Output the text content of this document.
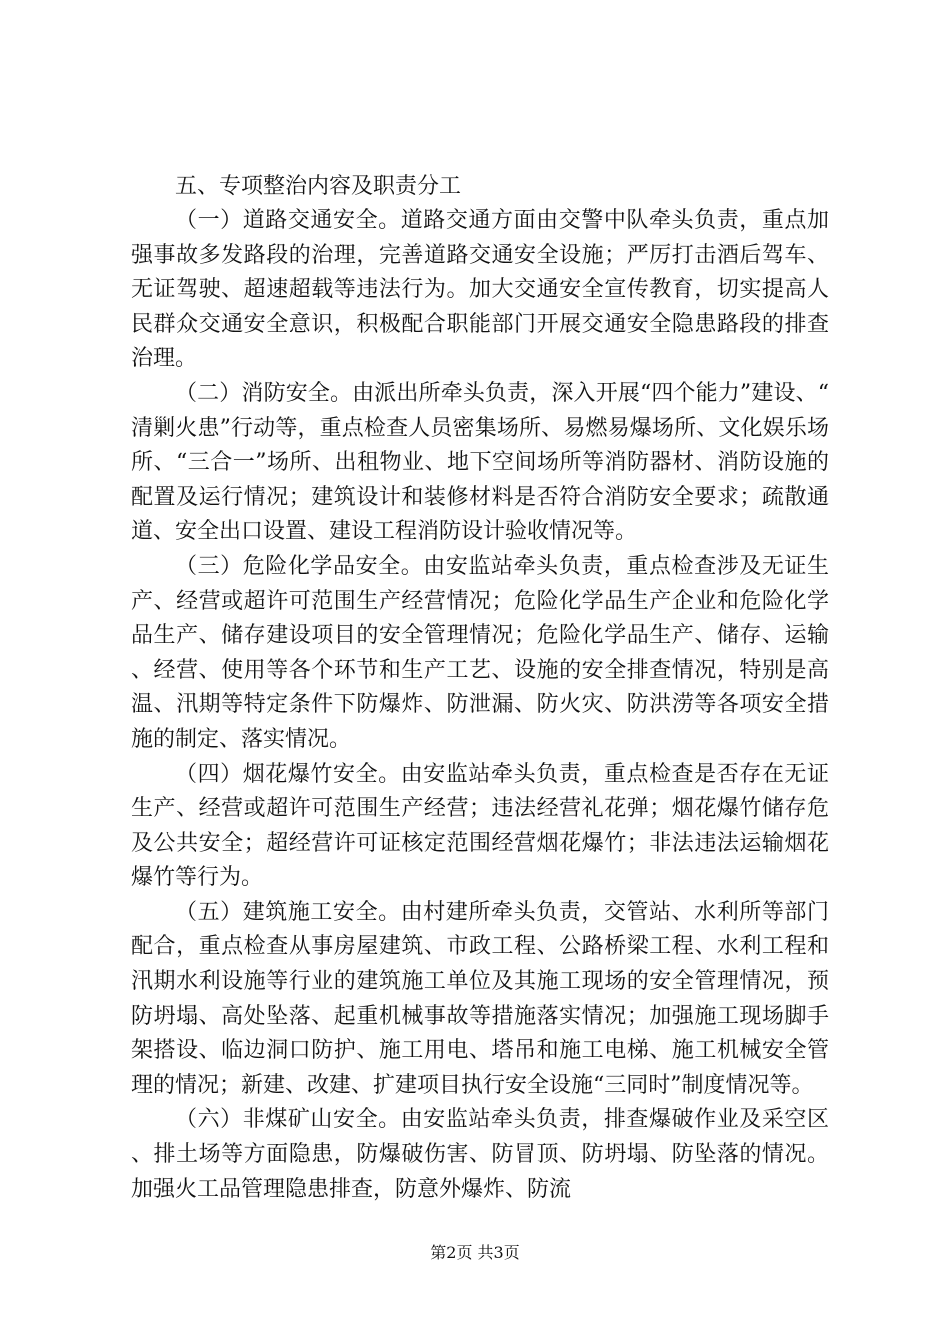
五、专项整治内容及职责分工

（一）道路交通安全。道路交通方面由交警中队牵头负责，重点加强事故多发路段的治理，完善道路交通安全设施；严厉打击酒后驾车、无证驾驶、超速超载等违法行为。加大交通安全宣传教育，切实提高人民群众交通安全意识，积极配合职能部门开展交通安全隐患路段的排查治理。

（二）消防安全。由派出所牵头负责，深入开展“四个能力”建设、“清剿火患”行动等，重点检查人员密集场所、易燃易爆场所、文化娱乐场所、“三合一”场所、出租物业、地下空间场所等消防器材、消防设施的配置及运行情况；建筑设计和装修材料是否符合消防安全要求；疏散通道、安全出口设置、建设工程消防设计验收情况等。

（三）危险化学品安全。由安监站牵头负责，重点检查涉及无证生产、经营或超许可范围生产经营情况；危险化学品生产企业和危险化学品生产、储存建设项目的安全管理情况；危险化学品生产、储存、运输、经营、使用等各个环节和生产工艺、设施的安全排查情况，特别是高温、汛期等特定条件下防爆炸、防泄漏、防火灾、防洪涝等各项安全措施的制定、落实情况。

（四）烟花爆竹安全。由安监站牵头负责，重点检查是否存在无证生产、经营或超许可范围生产经营；违法经营礼花弹；烟花爆竹储存危及公共安全；超经营许可证核定范围经营烟花爆竹；非法违法运输烟花爆竹等行为。

（五）建筑施工安全。由村建所牵头负责，交管站、水利所等部门配合，重点检查从事房屋建筑、市政工程、公路桥梁工程、水利工程和汛期水利设施等行业的建筑施工单位及其施工现场的安全管理情况，预防坍塌、高处坠落、起重机械事故等措施落实情况；加强施工现场脚手架搭设、临边洞口防护、施工用电、塔吊和施工电梯、施工机械安全管理的情况；新建、改建、扩建项目执行安全设施“三同时”制度情况等。

（六）非煤矿山安全。由安监站牵头负责，排查爆破作业及采空区、排土场等方面隐患，防爆破伤害、防冒顶、防坍塌、防坠落的情况。加强火工品管理隐患排查，防意外爆炸、防流

第2页 共3页
